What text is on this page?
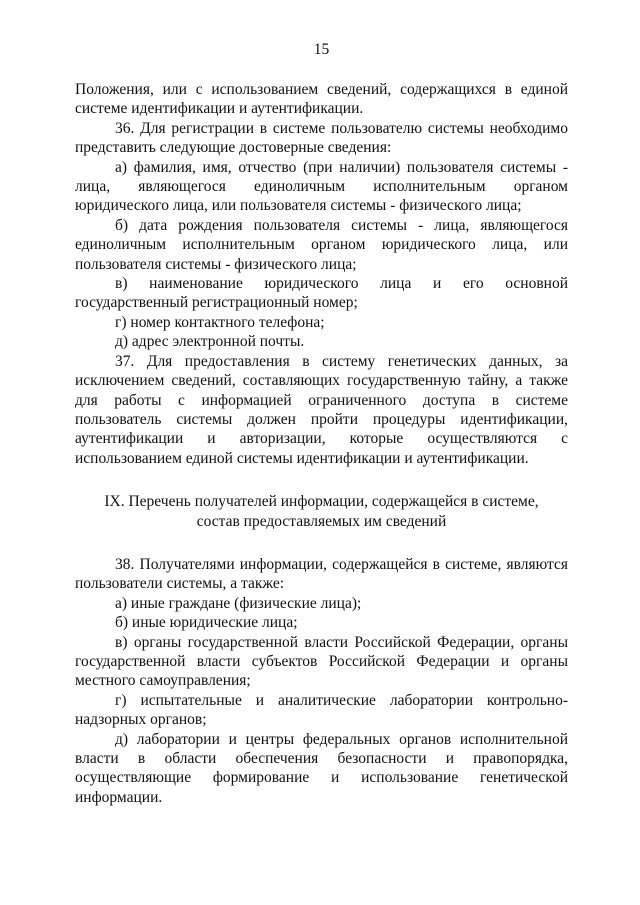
15

Положения, или с использованием сведений, содержащихся в единой системе идентификации и аутентификации.

36. Для регистрации в системе пользователю системы необходимо представить следующие достоверные сведения:

а) фамилия, имя, отчество (при наличии) пользователя системы - лица, являющегося единоличным исполнительным органом юридического лица, или пользователя системы - физического лица;

б) дата рождения пользователя системы - лица, являющегося единоличным исполнительным органом юридического лица, или пользователя системы - физического лица;

в) наименование юридического лица и его основной государственный регистрационный номер;

г) номер контактного телефона;

д) адрес электронной почты.

37. Для предоставления в систему генетических данных, за исключением сведений, составляющих государственную тайну, а также для работы с информацией ограниченного доступа в системе пользователь системы должен пройти процедуры идентификации, аутентификации и авторизации, которые осуществляются с использованием единой системы идентификации и аутентификации.

IX. Перечень получателей информации, содержащейся в системе,
состав предоставляемых им сведений

38. Получателями информации, содержащейся в системе, являются пользователи системы, а также:

а) иные граждане (физические лица);

б) иные юридические лица;

в) органы государственной власти Российской Федерации, органы государственной власти субъектов Российской Федерации и органы местного самоуправления;

г) испытательные и аналитические лаборатории контрольно-надзорных органов;

д) лаборатории и центры федеральных органов исполнительной власти в области обеспечения безопасности и правопорядка, осуществляющие формирование и использование генетической информации.
